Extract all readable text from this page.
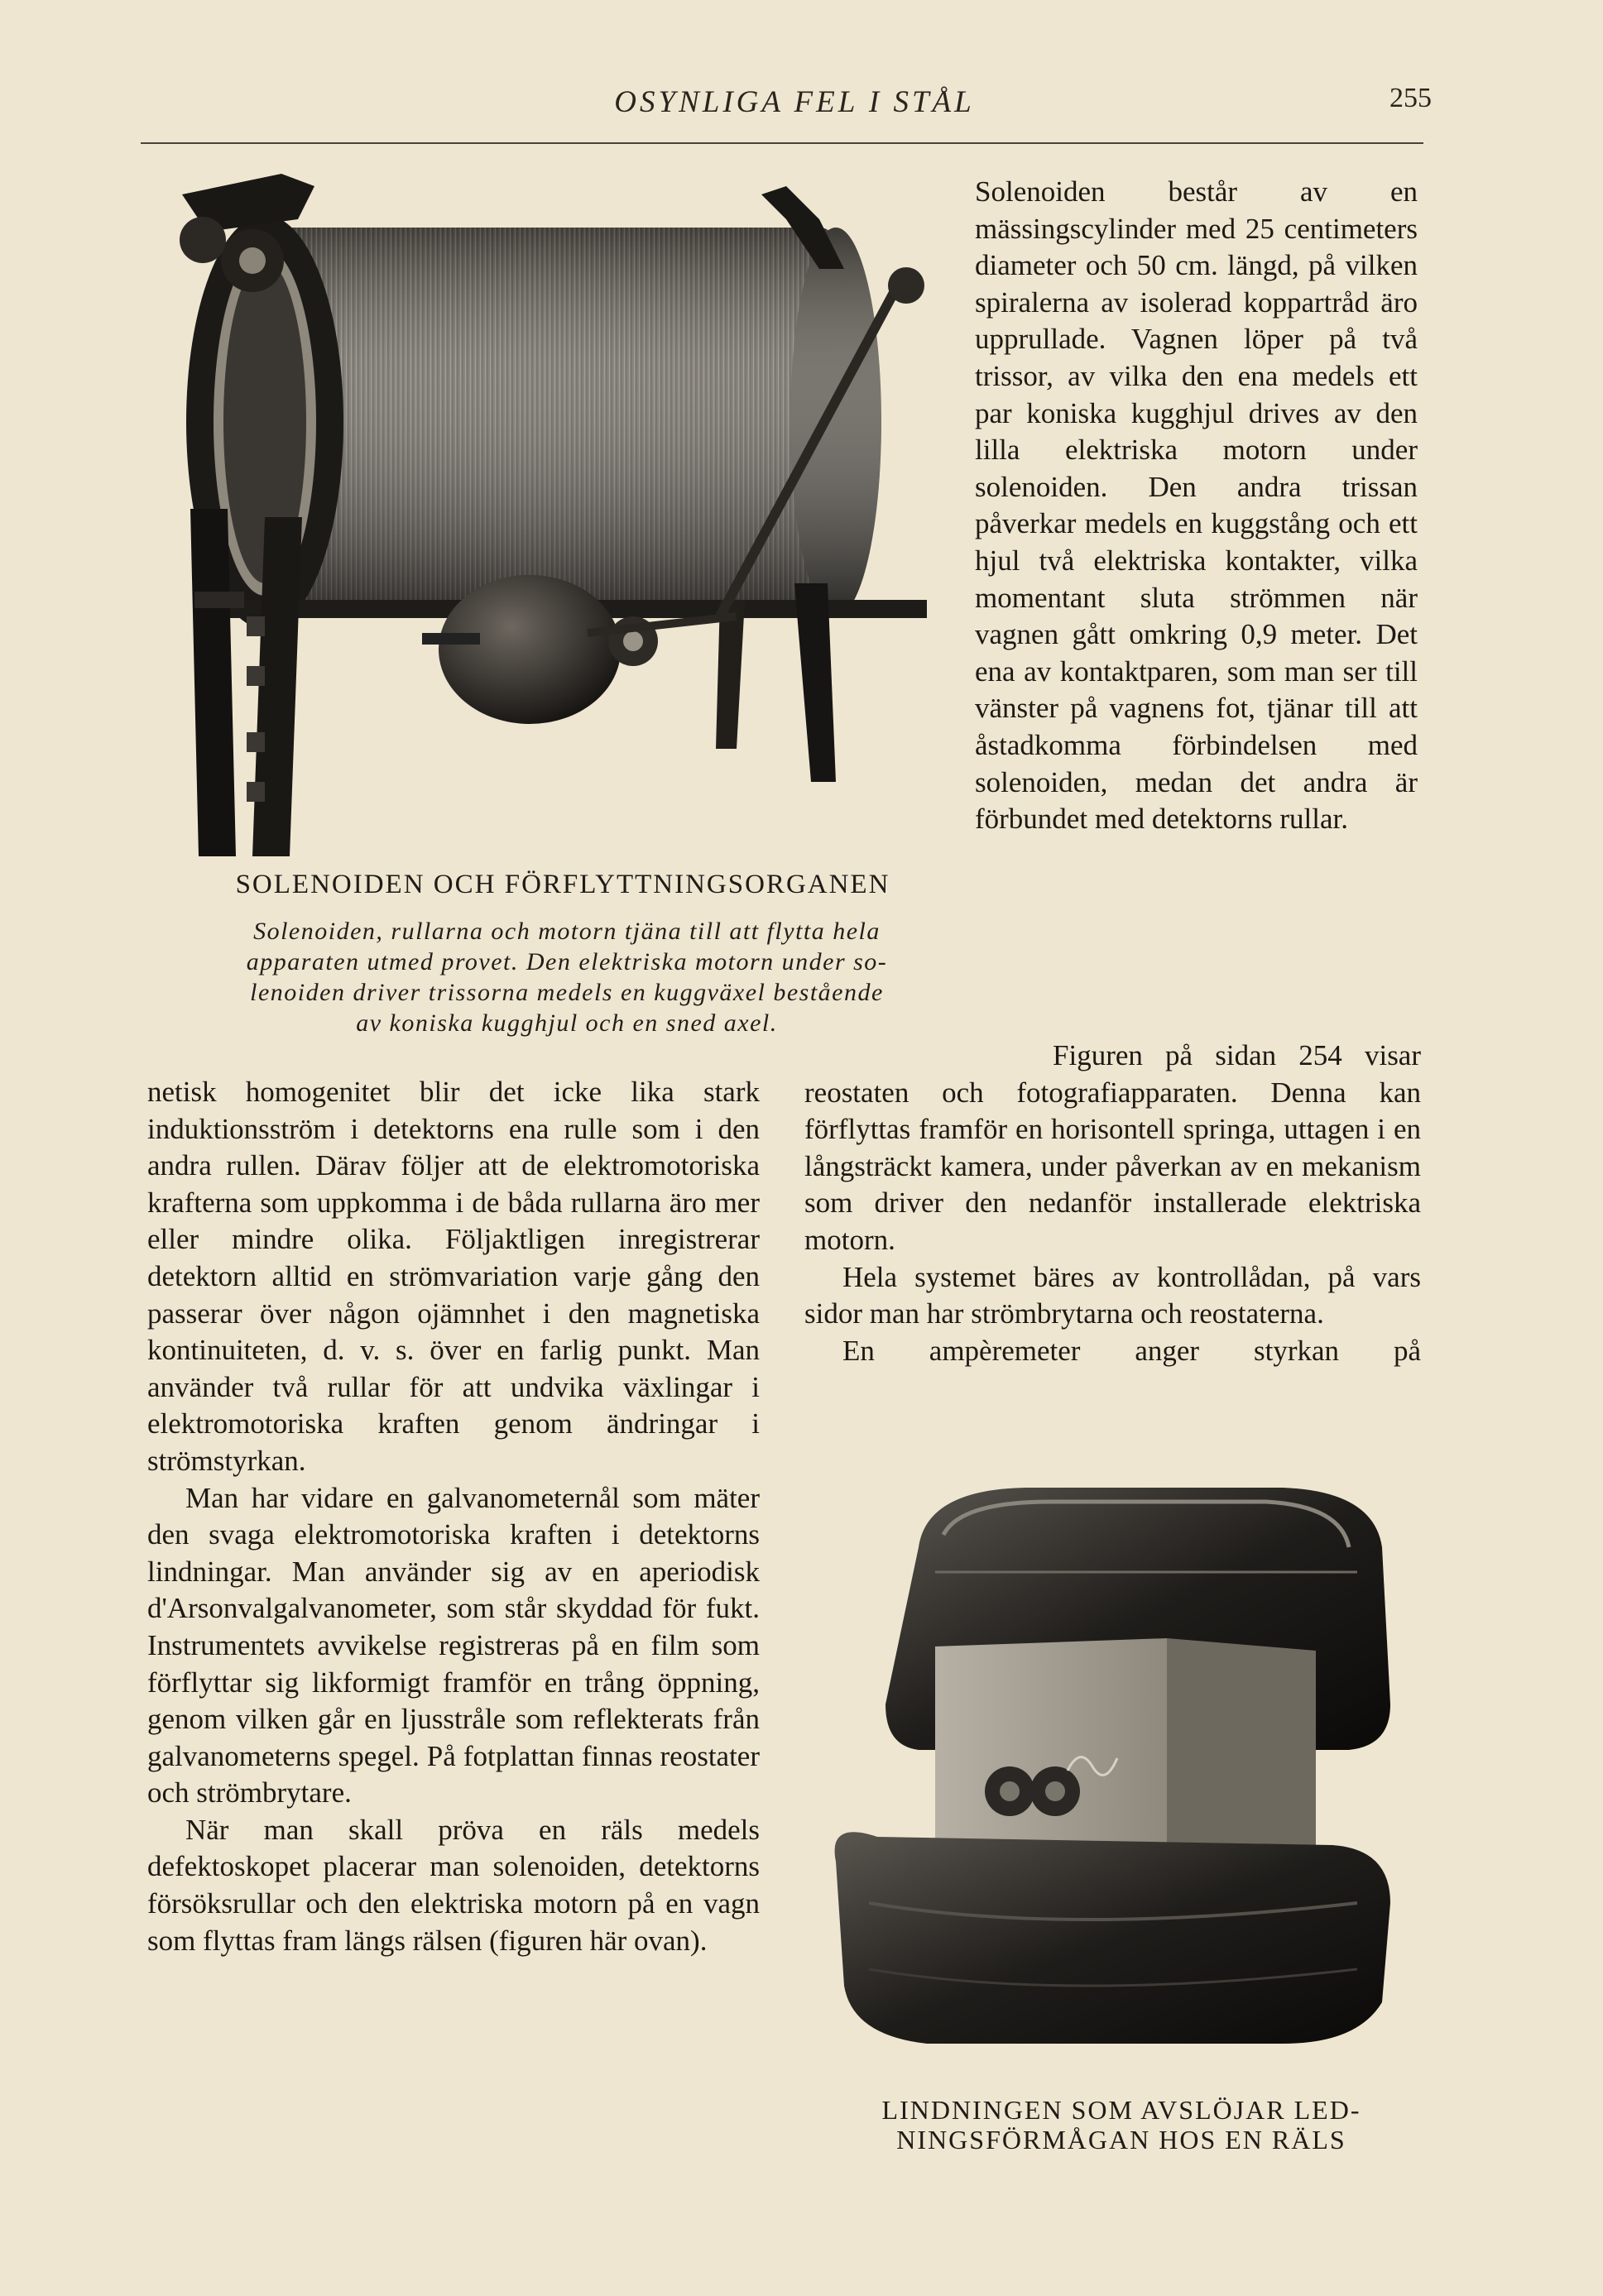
OSYNLIGA FEL I STÅL	255
SOLENOIDEN OCH FÖRFLYTTNINGSORGANEN
Solenoiden, rullarna och motorn tjäna till att flytta hela
apparaten utmed provet. Den elektriska motorn under so-
lenoiden driver trissorna medels en kuggväxel bestående
av koniska kugghjul och en sned axel.

Solenoiden består av en mässingscylinder med 25 centimeters diameter och 50 cm. längd, på vilken spiralerna av isolerad koppartråd äro upprullade. Vagnen löper på två trissor, av vilka den ena medels ett par koniska kugghjul drives av den lilla elektriska motorn under solenoiden. Den andra trissan påverkar medels en kuggstång och ett hjul två elektriska kontakter, vilka momentant sluta strömmen när vagnen gått omkring 0,9 meter. Det ena av kontaktparen, som man ser till vänster på vagnens fot, tjänar till att åstadkomma förbindelsen med solenoiden, medan det andra är förbundet med detektorns rullar.

netisk homogenitet blir det icke lika stark induktionsström i detektorns ena rulle som i den andra rullen. Därav följer att de elektromotoriska krafterna som uppkomma i de båda rullarna äro mer eller mindre olika. Följaktligen inregistrerar detektorn alltid en strömvariation varje gång den passerar över någon ojämnhet i den magnetiska kontinuiteten, d. v. s. över en farlig punkt. Man använder två rullar för att undvika växlingar i elektromotoriska kraften genom ändringar i strömstyrkan.

Man har vidare en galvanometernål som mäter den svaga elektromotoriska kraften i detektorns lindningar. Man använder sig av en aperiodisk d'Arsonvalgalvanometer, som står skyddad för fukt. Instrumentets avvikelse registreras på en film som förflyttar sig likformigt framför en trång öppning, genom vilken går en ljusstråle som reflekterats från galvanometerns spegel. På fotplattan finnas reostater och strömbrytare.

När man skall pröva en räls medels defektoskopet placerar man solenoiden, detektorns försöksrullar och den elektriska motorn på en vagn som flyttas fram längs rälsen (figuren här ovan).

Figuren på sidan 254 visar reostaten och fotografiapparaten. Denna kan förflyttas framför en horisontell springa, uttagen i en långsträckt kamera, under påverkan av en mekanism som driver den nedanför installerade elektriska motorn.

Hela systemet bäres av kontrollådan, på vars sidor man har strömbrytarna och reostaterna.

En ampèremeter anger styrkan på

LINDNINGEN SOM AVSLÖJAR LED-
NINGSFÖRMÅGAN HOS EN RÄLS
